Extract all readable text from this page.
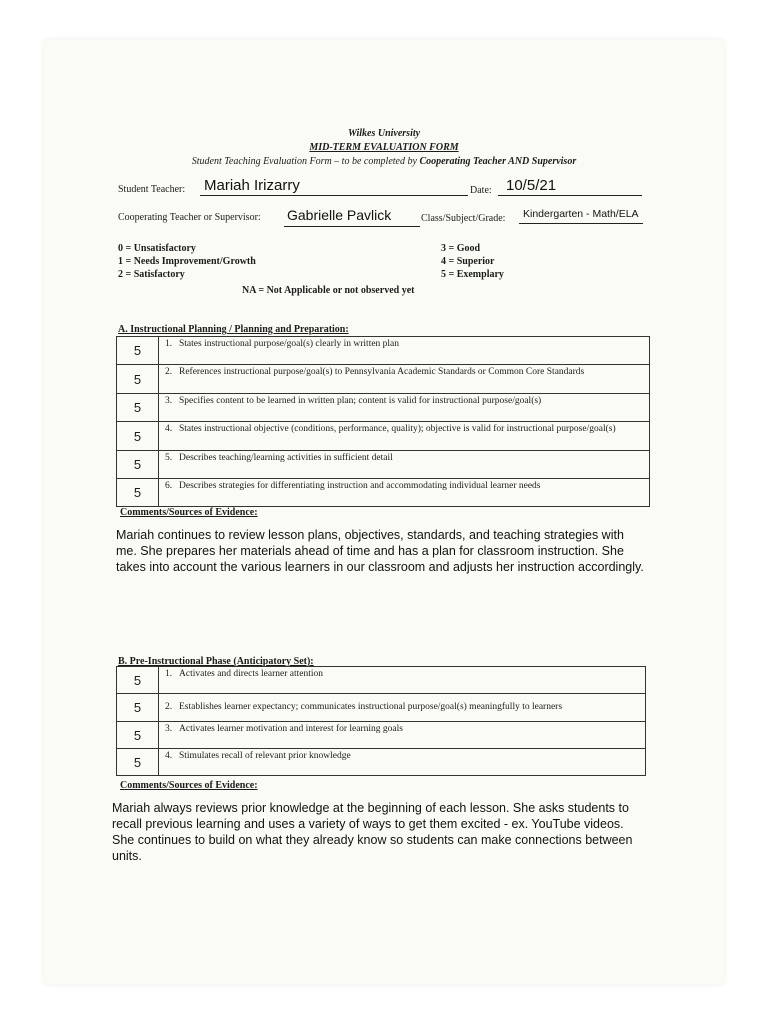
Wilkes University
MID-TERM EVALUATION FORM
Student Teaching Evaluation Form – to be completed by Cooperating Teacher AND Supervisor
Student Teacher: Mariah Irizarry	Date: 10/5/21
Cooperating Teacher or Supervisor: Gabrielle Pavlick	Class/Subject/Grade: Kindergarten - Math/ELA
0 = Unsatisfactory
1 = Needs Improvement/Growth
2 = Satisfactory
3 = Good
4 = Superior
5 = Exemplary
NA = Not Applicable or not observed yet
A. Instructional Planning / Planning and Preparation:
5	1. States instructional purpose/goal(s) clearly in written plan
5	2. References instructional purpose/goal(s) to Pennsylvania Academic Standards or Common Core Standards

5	3. Specifies content to be learned in written plan; content is valid for instructional purpose/goal(s)
5	4. States instructional objective (conditions, performance, quality); objective is valid for instructional purpose/goal(s)

5	5. Describes teaching/learning activities in sufficient detail
5	6. Describes strategies for differentiating instruction and accommodating individual learner needs
Comments/Sources of Evidence:
Mariah continues to review lesson plans, objectives, standards, and teaching strategies with me. She prepares her materials ahead of time and has a plan for classroom instruction. She takes into account the various learners in our classroom and adjusts her instruction accordingly.
B. Pre-Instructional Phase (Anticipatory Set):
5	1. Activates and directs learner attention
5	2. Establishes learner expectancy; communicates instructional purpose/goal(s) meaningfully to learners
5	3. Activates learner motivation and interest for learning goals
5	4. Stimulates recall of relevant prior knowledge
Comments/Sources of Evidence:
Mariah always reviews prior knowledge at the beginning of each lesson. She asks students to recall previous learning and uses a variety of ways to get them excited - ex. YouTube videos. She continues to build on what they already know so students can make connections between units.
